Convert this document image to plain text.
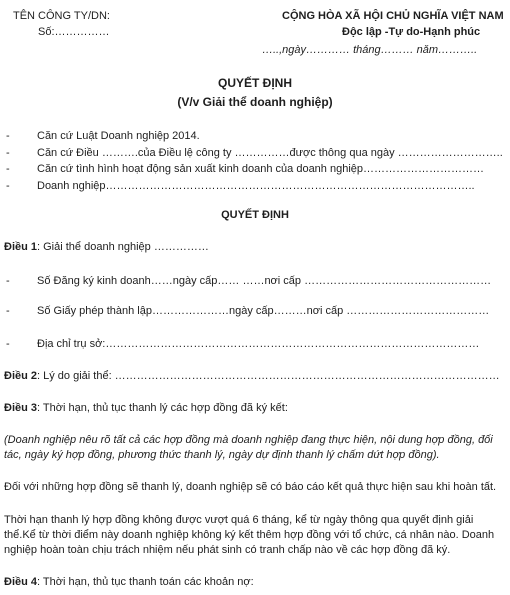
TÊN CÔNG TY/DN:
Số:……………
CỘNG HÒA XÃ HỘI CHỦ NGHĨA VIỆT NAM
Độc lập -Tự do-Hạnh phúc
…..,ngày………… tháng……… năm………..
QUYẾT ĐỊNH
(V/v Giải thể doanh nghiệp)
- Căn cứ Luật Doanh nghiệp 2014.
- Căn cứ Điều ……….của Điều lệ công ty ……………được thông qua ngày ………………………..
- Căn cứ tình hình hoạt động sản xuất kinh doanh của doanh nghiệp……………………………
- Doanh nghiệp………………………………………………………………………………………..
QUYẾT ĐỊNH
Điều 1: Giải thể doanh nghiệp ……………
- Số Đăng ký kinh doanh……ngày cấp…… ……nơi cấp ……………………………………………
- Số Giấy phép thành lập…………………ngày cấp………nơi cấp …………………………………
- Địa chỉ trụ sở:…………………………………………………………………………………………
Điều 2: Lý do giải thể: ……………………………………………………………………………………………
Điều 3: Thời hạn, thủ tục thanh lý các hợp đồng đã ký kết:
(Doanh nghiệp nêu rõ tất cả các hợp đồng mà doanh nghiệp đang thực hiện, nội dung hợp đồng, đối tác, ngày ký hợp đồng, phương thức thanh lý, ngày dự định thanh lý chấm dứt hợp đồng).
Đối với những hợp đồng sẽ thanh lý, doanh nghiệp sẽ có báo cáo kết quả thực hiện sau khi hoàn tất.
Thời hạn thanh lý hợp đồng không được vượt quá 6 tháng, kể từ ngày thông qua quyết định giải thể.Kể từ thời điểm này doanh nghiệp không ký kết thêm hợp đồng với tổ chức, cá nhân nào. Doanh nghiệp hoàn toàn chịu trách nhiệm nếu phát sinh có tranh chấp nào về các hợp đồng đã ký.
Điều 4: Thời hạn, thủ tục thanh toán các khoản nợ:
